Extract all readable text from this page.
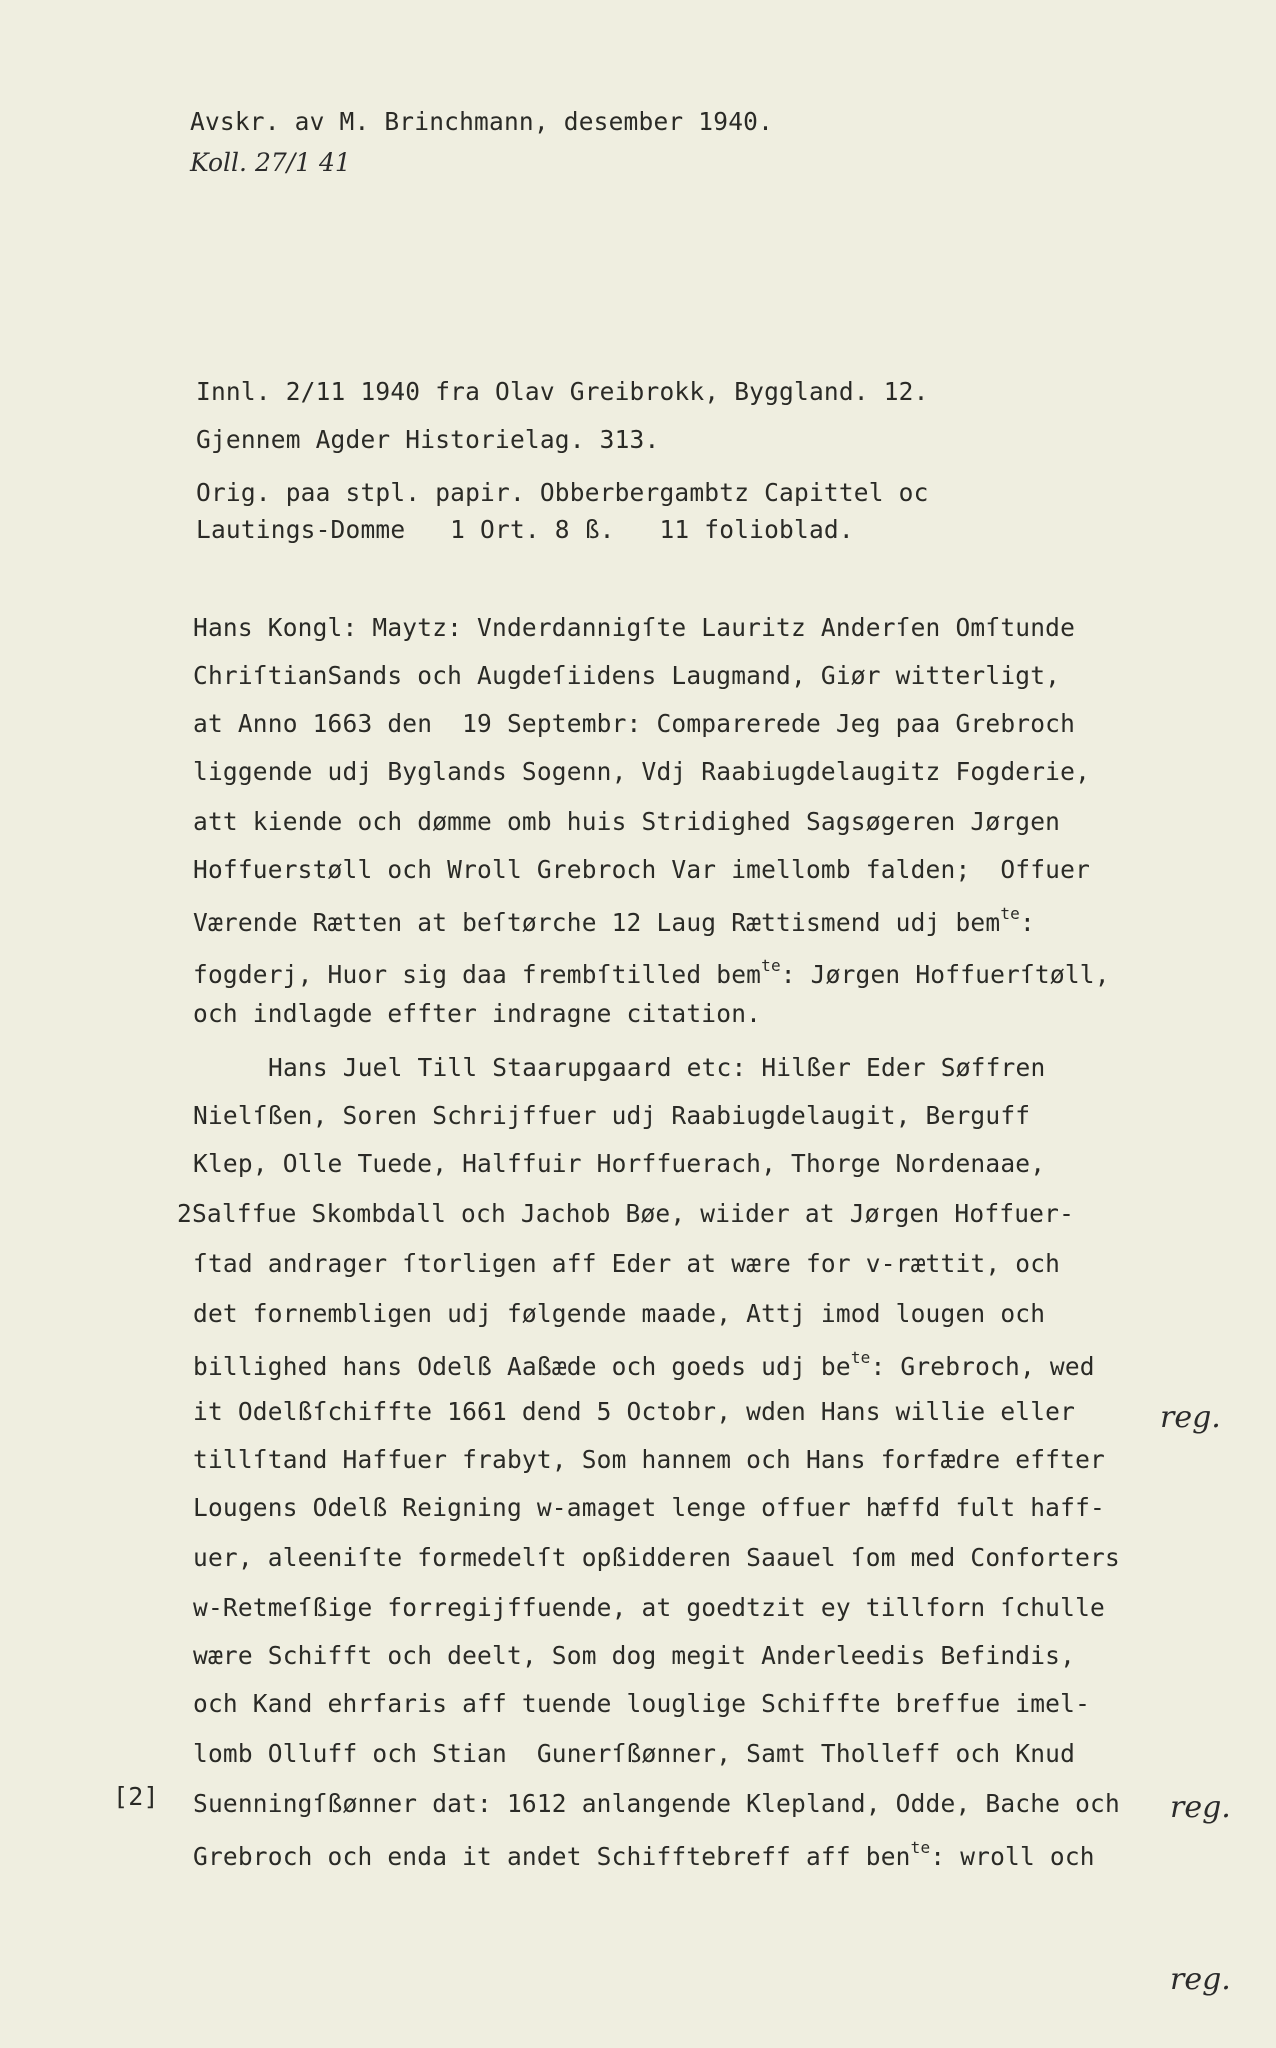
Avskr. av M. Brinchmann, desember 1940.
Koll. 27/1 41
Innl. 2/11 1940 fra Olav Greibrokk, Byggland. 12.
Gjennem Agder Historielag. 313.
Orig. paa stpl. papir. Obberbergambtz Capittel oc
Lautings-Domme   1 Ort. 8 ß.   11 folioblad.
Hans Kongl: Maytz: Vnderdannigſte Lauritz Anderſen Omſtunde
ChriſtianSands och Augdeſiidens Laugmand, Giør witterligt,
at Anno 1663 den  19 Septembr: Comparerede Jeg paa Grebroch
liggende udj Byglands Sogenn, Vdj Raabiugdelaugitz Fogderie,
att kiende och dømme omb huis Stridighed Sagsøgeren Jørgen
Hoffuerstøll och Wroll Grebroch Var imellomb falden;  Offuer
Værende Rætten at beſtørche 12 Laug Rættismend udj bem$^{te}$:
fogderj, Huor sig daa frembſtilled bem$^{te}$: Jørgen Hoffuerſtøll,
och indlagde effter indragne citation.
Hans Juel Till Staarupgaard etc: Hilßer Eder Søffren
Nielſßen, Soren Schrijffuer udj Raabiugdelaugit, Berguff
Klep, Olle Tuede, Halffuir Horffuerach, Thorge Nordenaae,
2Salffue Skombdall och Jachob Bøe, wiider at Jørgen Hoffuer-
ſtad andrager ſtorligen aff Eder at wære for v-rættit, och
det fornembligen udj følgende maade, Attj imod lougen och
billighed hans Odelß Aaßæde och goeds udj $be^{te}$: Grebroch, wed
it Odelßſchiffte 1661 dend 5 Octobr, wden Hans willie eller
tillſtand Haffuer frabyt, Som hannem och Hans forfædre effter
Lougens Odelß Reigning w-amaget lenge offuer hæffd fult haff-
uer, aleeniſte formedelſt opßidderen Saauel ſom med Conforters
w-Retmeſßige forregijffuende, at goedtzit ey tillforn ſchulle
wære Schifft och deelt, Som dog megit Anderleedis Befindis,
och Kand ehrfaris aff tuende louglige Schiffte breffue imel-
lomb Olluff och Stian  Gunerſßønner, Samt Tholleff och Knud
Suenningſßønner dat: 1612 anlangende Klepland, Odde, Bache och
Grebroch och enda it andet Schifftebreff aff ben$^{te}$: wroll och
[2]
reg.
reg.
reg.
